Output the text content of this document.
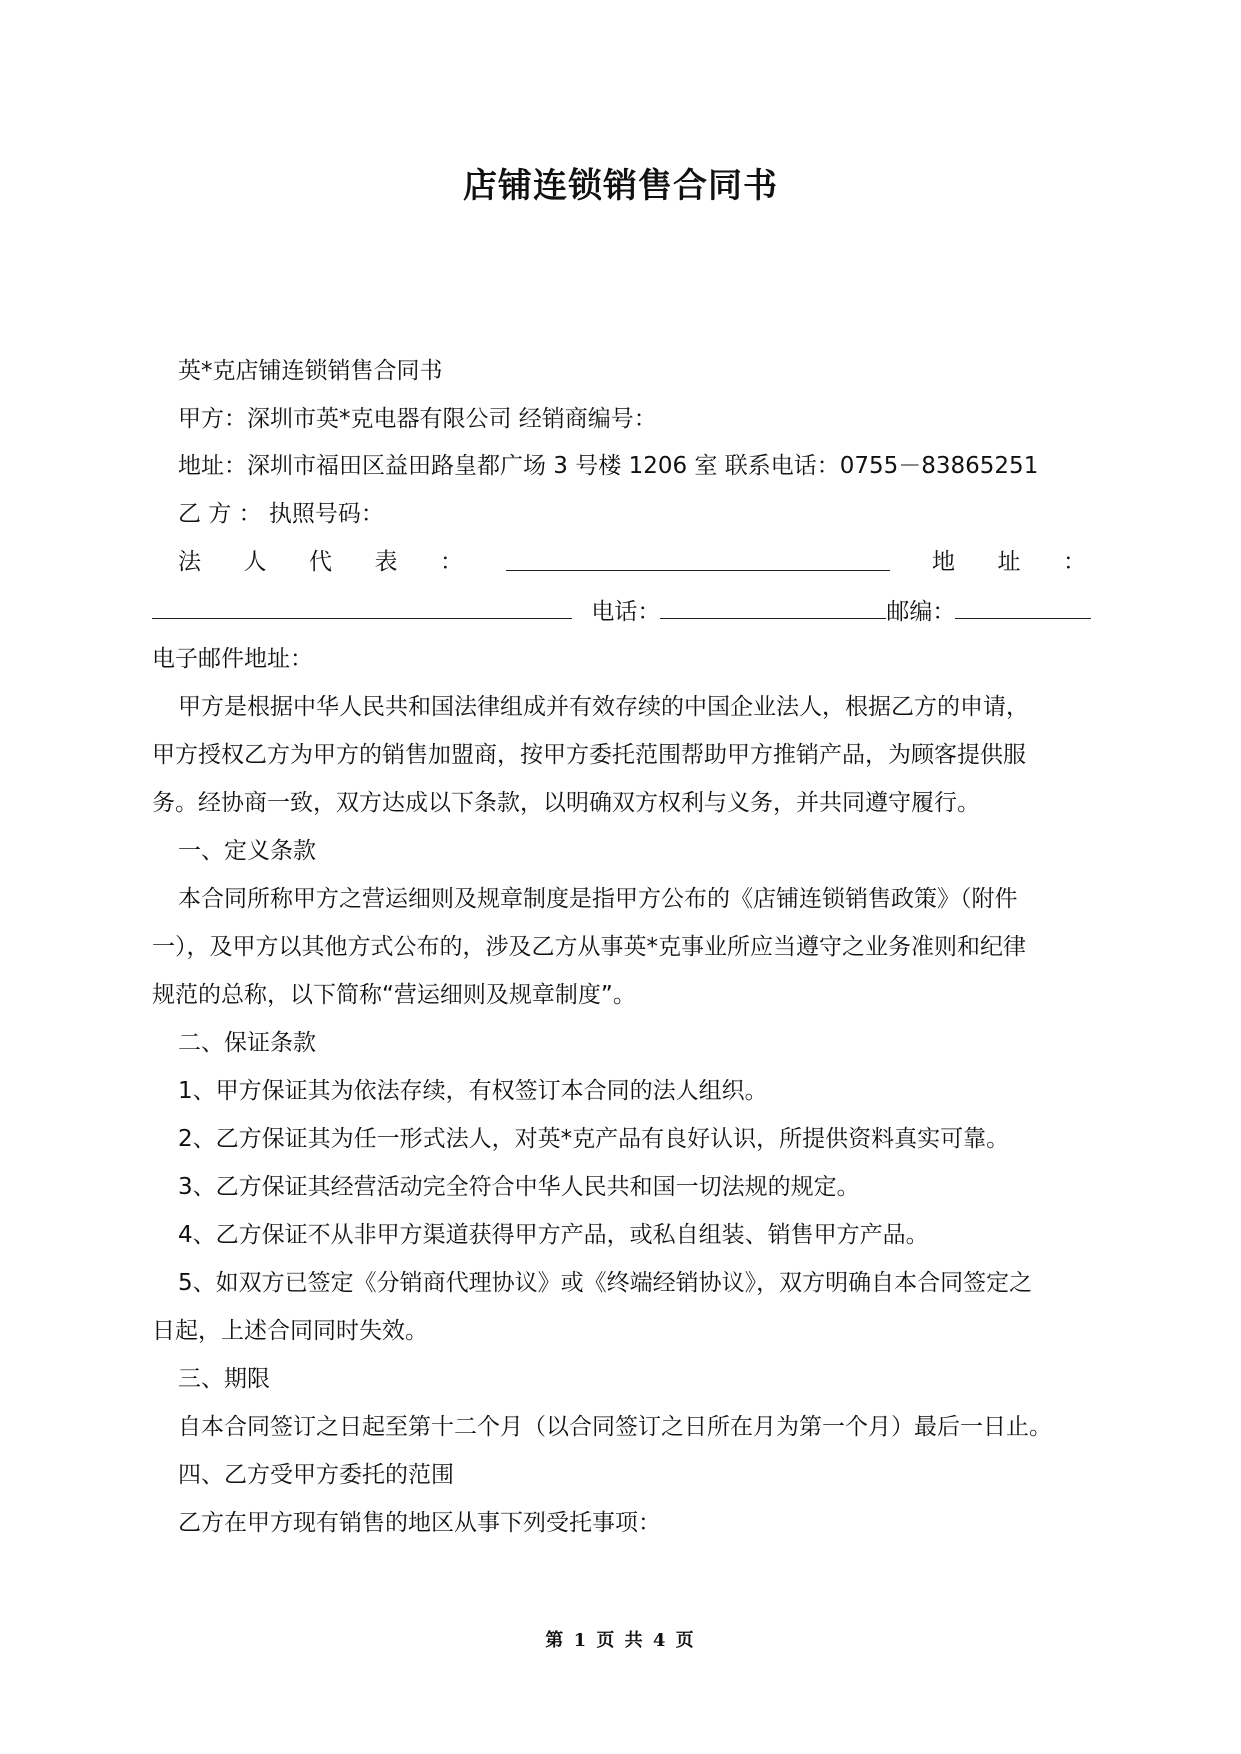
店铺连锁销售合同书

英*克店铺连锁销售合同书

甲方：深圳市英*克电器有限公司 经销商编号：

地址：深圳市福田区益田路皇都广场 3 号楼 1206 室 联系电话：0755－83865251

乙 方 ： 执照号码：

法 人 代 表 ：	地 址 ：
电话：	邮编：

电子邮件地址：

甲方是根据中华人民共和国法律组成并有效存续的中国企业法人，根据乙方的申请，

甲方授权乙方为甲方的销售加盟商，按甲方委托范围帮助甲方推销产品，为顾客提供服

务。经协商一致，双方达成以下条款，以明确双方权利与义务，并共同遵守履行。

一、定义条款

本合同所称甲方之营运细则及规章制度是指甲方公布的《店铺连锁销售政策》（附件

一），及甲方以其他方式公布的，涉及乙方从事英*克事业所应当遵守之业务准则和纪律

规范的总称，以下简称“营运细则及规章制度”。

二、保证条款

1、甲方保证其为依法存续，有权签订本合同的法人组织。

2、乙方保证其为任一形式法人，对英*克产品有良好认识，所提供资料真实可靠。

3、乙方保证其经营活动完全符合中华人民共和国一切法规的规定。

4、乙方保证不从非甲方渠道获得甲方产品，或私自组装、销售甲方产品。

5、如双方已签定《分销商代理协议》或《终端经销协议》，双方明确自本合同签定之

日起，上述合同同时失效。

三、期限

自本合同签订之日起至第十二个月（以合同签订之日所在月为第一个月）最后一日止。

四、乙方受甲方委托的范围

乙方在甲方现有销售的地区从事下列受托事项：

第 1 页 共 4 页
